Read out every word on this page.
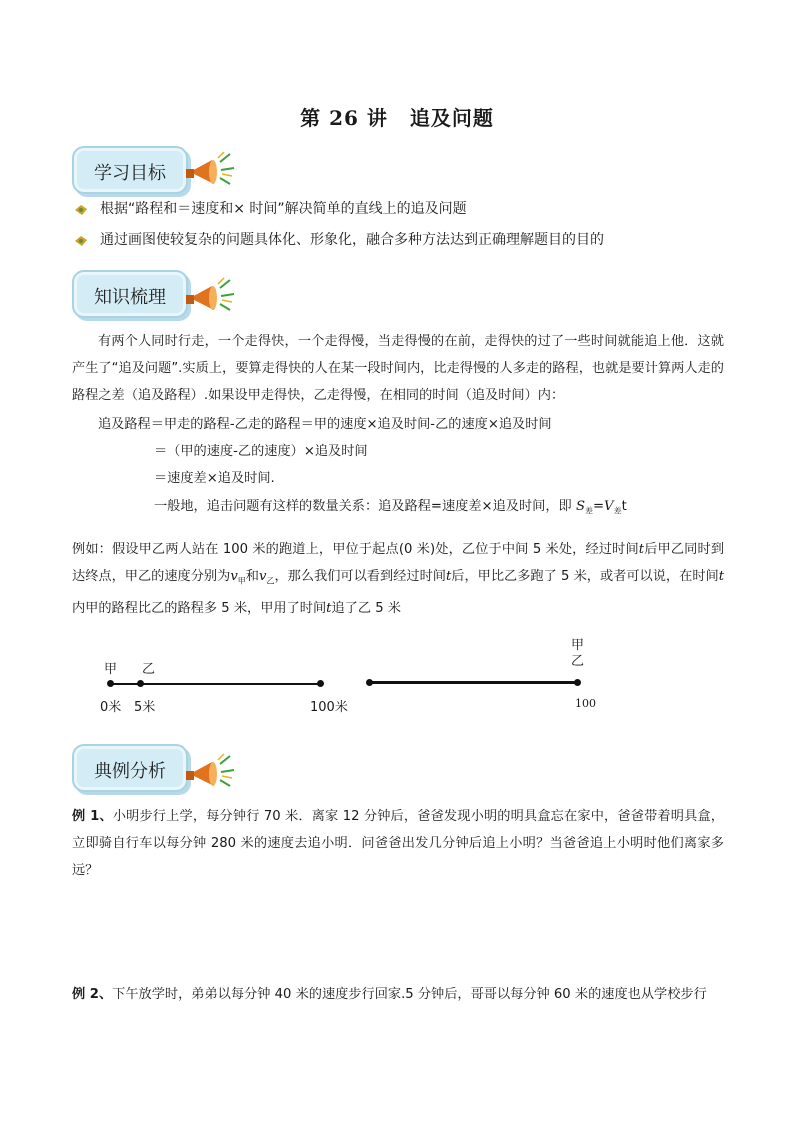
第 26 讲 追及问题
学习目标
根据“路程和＝速度和× 时间”解决简单的直线上的追及问题
通过画图使较复杂的问题具体化、形象化，融合多种方法达到正确理解题目的目的
知识梳理
有两个人同时行走，一个走得快，一个走得慢，当走得慢的在前，走得快的过了一些时间就能追上他．这就产生了“追及问题”.实质上，要算走得快的人在某一段时间内，比走得慢的人多走的路程，也就是要计算两人走的路程之差（追及路程）.如果设甲走得快，乙走得慢，在相同的时间（追及时间）内：
追及路程＝甲走的路程-乙走的路程＝甲的速度×追及时间-乙的速度×追及时间
＝（甲的速度-乙的速度）×追及时间
＝速度差×追及时间.
一般地，追击问题有这样的数量关系：追及路程=速度差×追及时间，即 $S_差=V_差t$
例如：假设甲乙两人站在 100 米的跑道上，甲位于起点(0 米)处，乙位于中间 5 米处，经过时间t后甲乙同时到达终点，甲乙的速度分别为$v_甲$和$v_乙$，那么我们可以看到经过时间t后，甲比乙多跑了 5 米，或者可以说，在时间t内甲的路程比乙的路程多 5 米，甲用了时间t追了乙 5 米
甲 乙
0米 5米	100米
甲
乙
100
典例分析
例 1、小明步行上学，每分钟行 70 米．离家 12 分钟后，爸爸发现小明的明具盒忘在家中，爸爸带着明具盒，立即骑自行车以每分钟 280 米的速度去追小明．问爸爸出发几分钟后追上小明？当爸爸追上小明时他们离家多远？
例 2、下午放学时，弟弟以每分钟 40 米的速度步行回家.5 分钟后，哥哥以每分钟 60 米的速度也从学校步行
